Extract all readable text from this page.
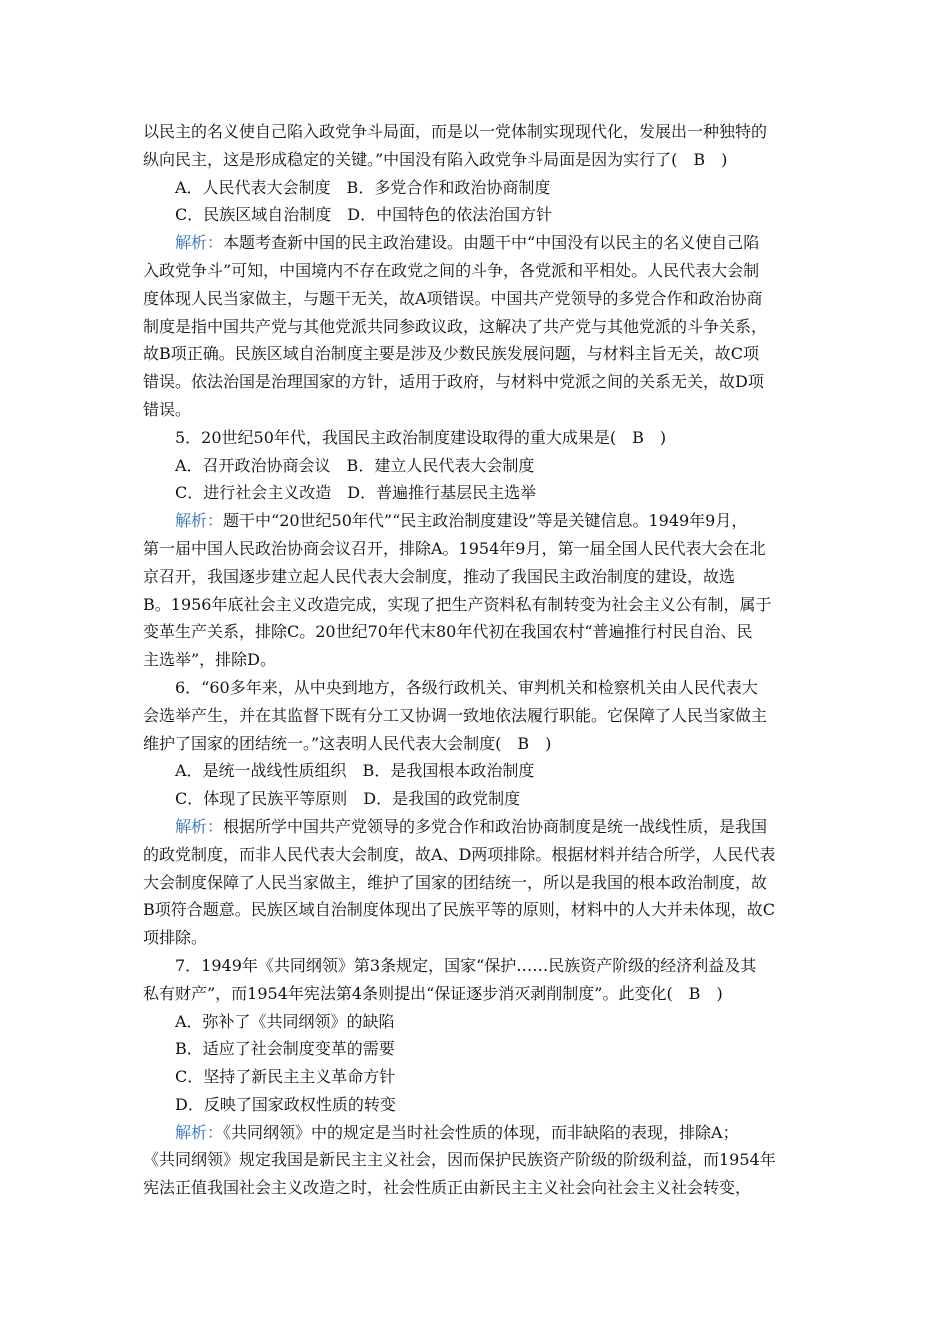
以民主的名义使自己陷入政党争斗局面，而是以一党体制实现现代化，发展出一种独特的
纵向民主，这是形成稳定的关键。”中国没有陷入政党争斗局面是因为实行了(　B　)
A．人民代表大会制度　B．多党合作和政治协商制度
C．民族区域自治制度　D．中国特色的依法治国方针
解析：本题考查新中国的民主政治建设。由题干中“中国没有以民主的名义使自己陷
入政党争斗”可知，中国境内不存在政党之间的斗争，各党派和平相处。人民代表大会制
度体现人民当家做主，与题干无关，故A项错误。中国共产党领导的多党合作和政治协商
制度是指中国共产党与其他党派共同参政议政，这解决了共产党与其他党派的斗争关系，
故B项正确。民族区域自治制度主要是涉及少数民族发展问题，与材料主旨无关，故C项
错误。依法治国是治理国家的方针，适用于政府，与材料中党派之间的关系无关，故D项
错误。
5．20世纪50年代，我国民主政治制度建设取得的重大成果是(　B　)
A．召开政治协商会议　B．建立人民代表大会制度
C．进行社会主义改造　D．普遍推行基层民主选举
解析：题干中“20世纪50年代”“民主政治制度建设”等是关键信息。1949年9月，
第一届中国人民政治协商会议召开，排除A。1954年9月，第一届全国人民代表大会在北
京召开，我国逐步建立起人民代表大会制度，推动了我国民主政治制度的建设，故选
B。1956年底社会主义改造完成，实现了把生产资料私有制转变为社会主义公有制，属于
变革生产关系，排除C。20世纪70年代末80年代初在我国农村“普遍推行村民自治、民
主选举”，排除D。
6．“60多年来，从中央到地方，各级行政机关、审判机关和检察机关由人民代表大
会选举产生，并在其监督下既有分工又协调一致地依法履行职能。它保障了人民当家做主
维护了国家的团结统一。”这表明人民代表大会制度(　B　)
A．是统一战线性质组织　B．是我国根本政治制度
C．体现了民族平等原则　D．是我国的政党制度
解析：根据所学中国共产党领导的多党合作和政治协商制度是统一战线性质，是我国
的政党制度，而非人民代表大会制度，故A、D两项排除。根据材料并结合所学，人民代表
大会制度保障了人民当家做主，维护了国家的团结统一，所以是我国的根本政治制度，故
B项符合题意。民族区域自治制度体现出了民族平等的原则，材料中的人大并未体现，故C
项排除。
7．1949年《共同纲领》第3条规定，国家“保护……民族资产阶级的经济利益及其
私有财产”，而1954年宪法第4条则提出“保证逐步消灭剥削制度”。此变化(　B　)
A．弥补了《共同纲领》的缺陷
B．适应了社会制度变革的需要
C．坚持了新民主主义革命方针
D．反映了国家政权性质的转变
解析：《共同纲领》中的规定是当时社会性质的体现，而非缺陷的表现，排除A；
《共同纲领》规定我国是新民主主义社会，因而保护民族资产阶级的阶级利益，而1954年
宪法正值我国社会主义改造之时，社会性质正由新民主主义社会向社会主义社会转变，
